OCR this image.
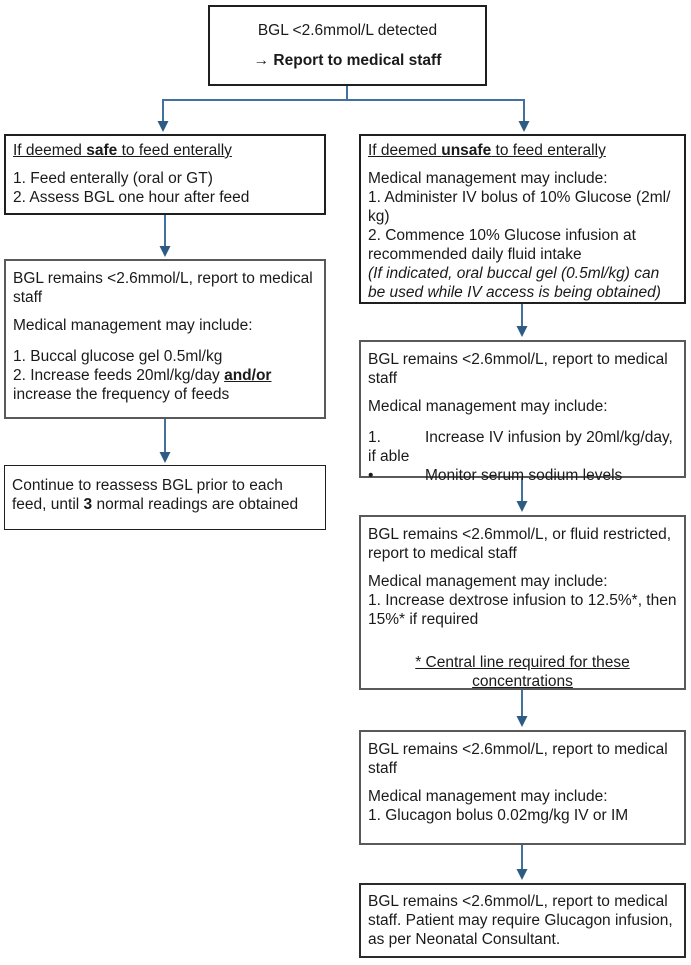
BGL <2.6mmol/L detected
→ Report to medical staff

If deemed safe to feed enterally

1. Feed enterally (oral or GT)
2. Assess BGL one hour after feed

BGL remains <2.6mmol/L, report to medical staff

Medical management may include:

1. Buccal glucose gel 0.5ml/kg
2. Increase feeds 20ml/kg/day and/or increase the frequency of feeds
Continue to reassess BGL prior to each feed, until 3 normal readings are obtained

If deemed unsafe to feed enterally

Medical management may include:
1. Administer IV bolus of 10% Glucose (2ml/​kg)
2. Commence 10% Glucose infusion at recommended daily fluid intake
(If indicated, oral buccal gel (0.5ml/kg) can be used while IV access is being obtained)

BGL remains <2.6mmol/L, report to medical staff

Medical management may include:

1.	Increase IV infusion by 20ml/​kg/​day, if able
•	Monitor serum sodium levels

BGL remains <2.6mmol/L, or fluid restricted, report to medical staff

Medical management may include:
1. Increase dextrose infusion to 12.5%*, then 15%* if required
* Central line required for these concentrations

BGL remains <2.6mmol/L, report to medical staff

Medical management may include:
1. Glucagon bolus 0.02mg/kg IV or IM
BGL remains <2.6mmol/L, report to medical staff. Patient may require Glucagon infusion, as per Neonatal Consultant.
